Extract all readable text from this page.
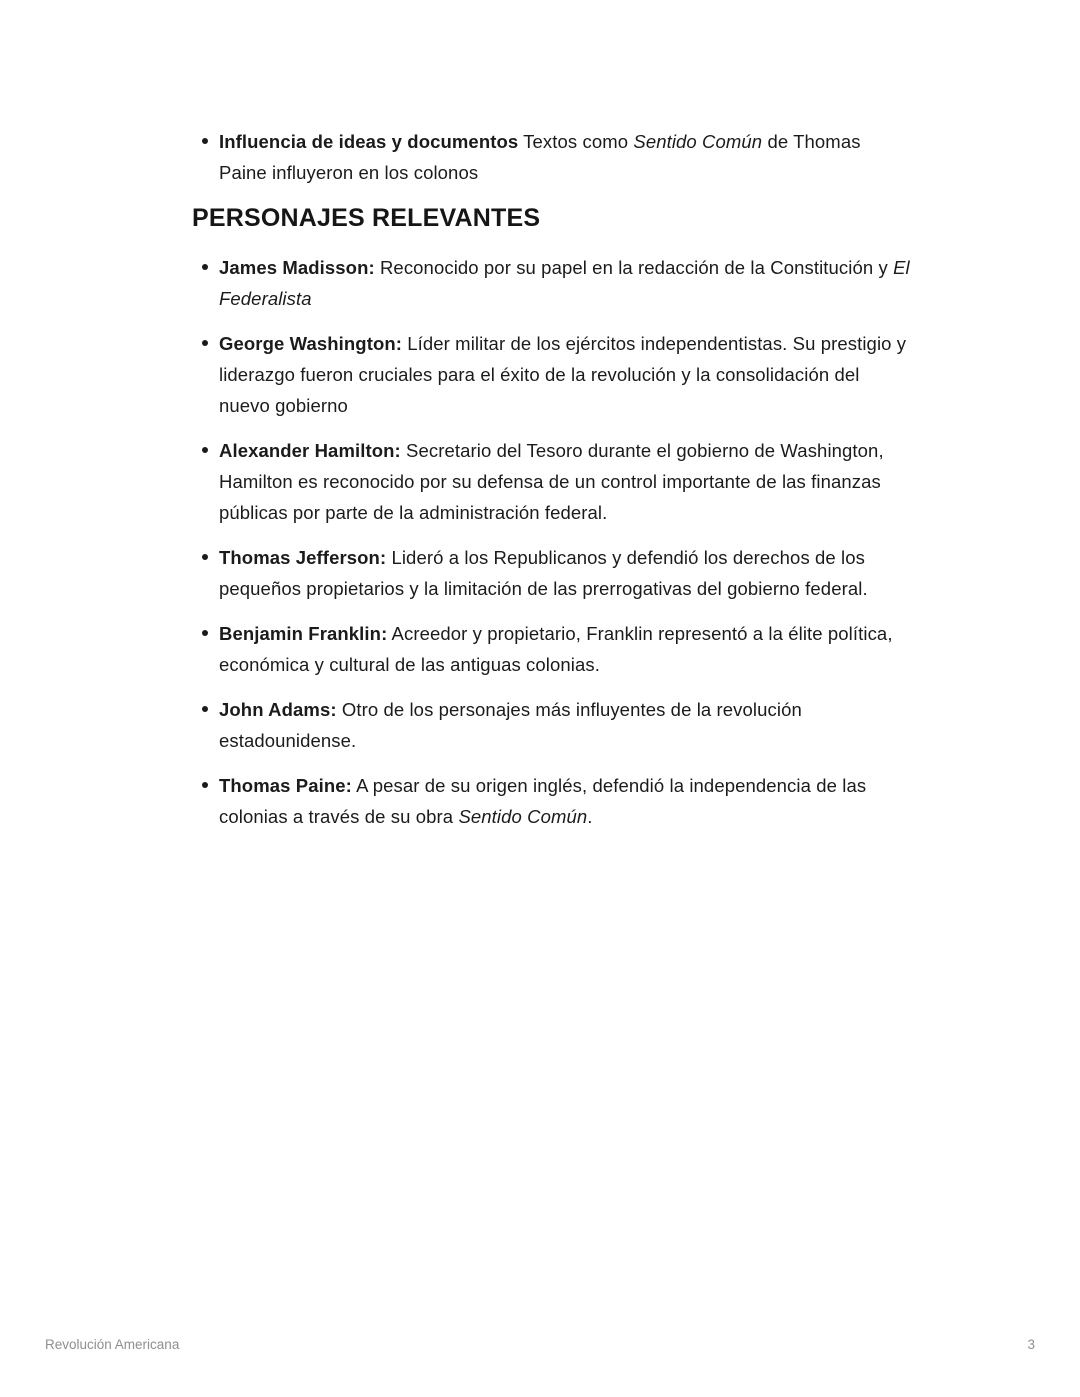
Influencia de ideas y documentos Textos como Sentido Común de Thomas Paine influyeron en los colonos
PERSONAJES RELEVANTES
James Madisson: Reconocido por su papel en la redacción de la Constitución y El Federalista
George Washington: Líder militar de los ejércitos independentistas. Su prestigio y liderazgo fueron cruciales para el éxito de la revolución y la consolidación del nuevo gobierno
Alexander Hamilton: Secretario del Tesoro durante el gobierno de Washington, Hamilton es reconocido por su defensa de un control importante de las finanzas públicas por parte de la administración federal.
Thomas Jefferson: Lideró a los Republicanos y defendió los derechos de los pequeños propietarios y la limitación de las prerrogativas del gobierno federal.
Benjamin Franklin: Acreedor y propietario, Franklin representó a la élite política, económica y cultural de las antiguas colonias.
John Adams: Otro de los personajes más influyentes de la revolución estadounidense.
Thomas Paine: A pesar de su origen inglés, defendió la independencia de las colonias a través de su obra Sentido Común.
Revolución Americana	3
